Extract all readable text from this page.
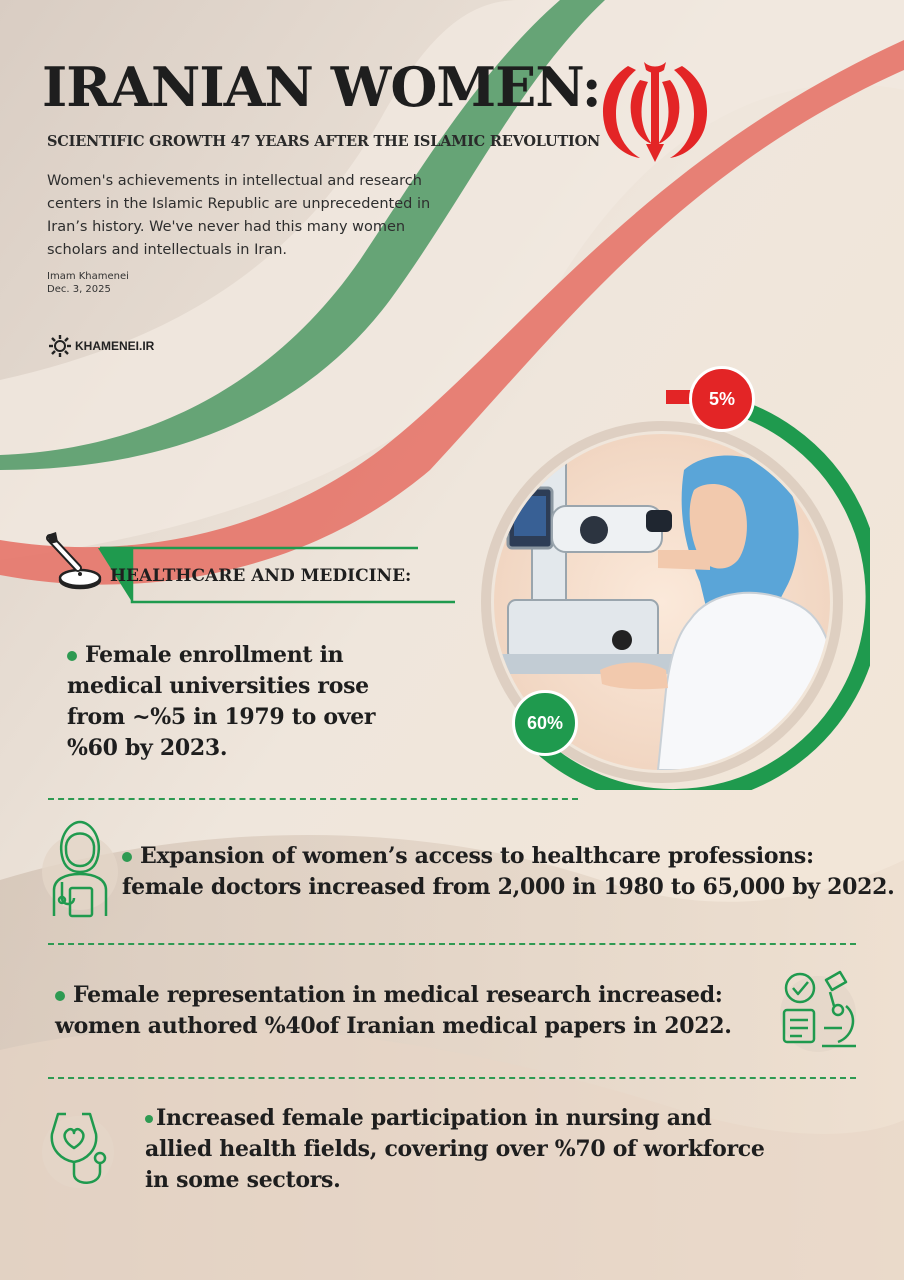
IRANIAN WOMEN:
SCIENTIFIC GROWTH 47 YEARS AFTER THE ISLAMIC REVOLUTION
Women's achievements in intellectual and research centers in the Islamic Republic are unprecedented in Iran’s history. We've never had this many women scholars and intellectuals in Iran.
Imam Khamenei
Dec. 3, 2025
KHAMENEI.IR
5%
60%
HEALTHCARE AND MEDICINE:
Female enrollment in medical universities rose from ~%5 in 1979 to over %60 by 2023.
Expansion of women’s access to healthcare professions:
female doctors increased from 2,000 in 1980 to 65,000 by 2022.
Female representation in medical research increased:
women authored %40of Iranian medical papers in 2022.
Increased female participation in nursing and allied health fields, covering over %70 of workforce in some sectors.
